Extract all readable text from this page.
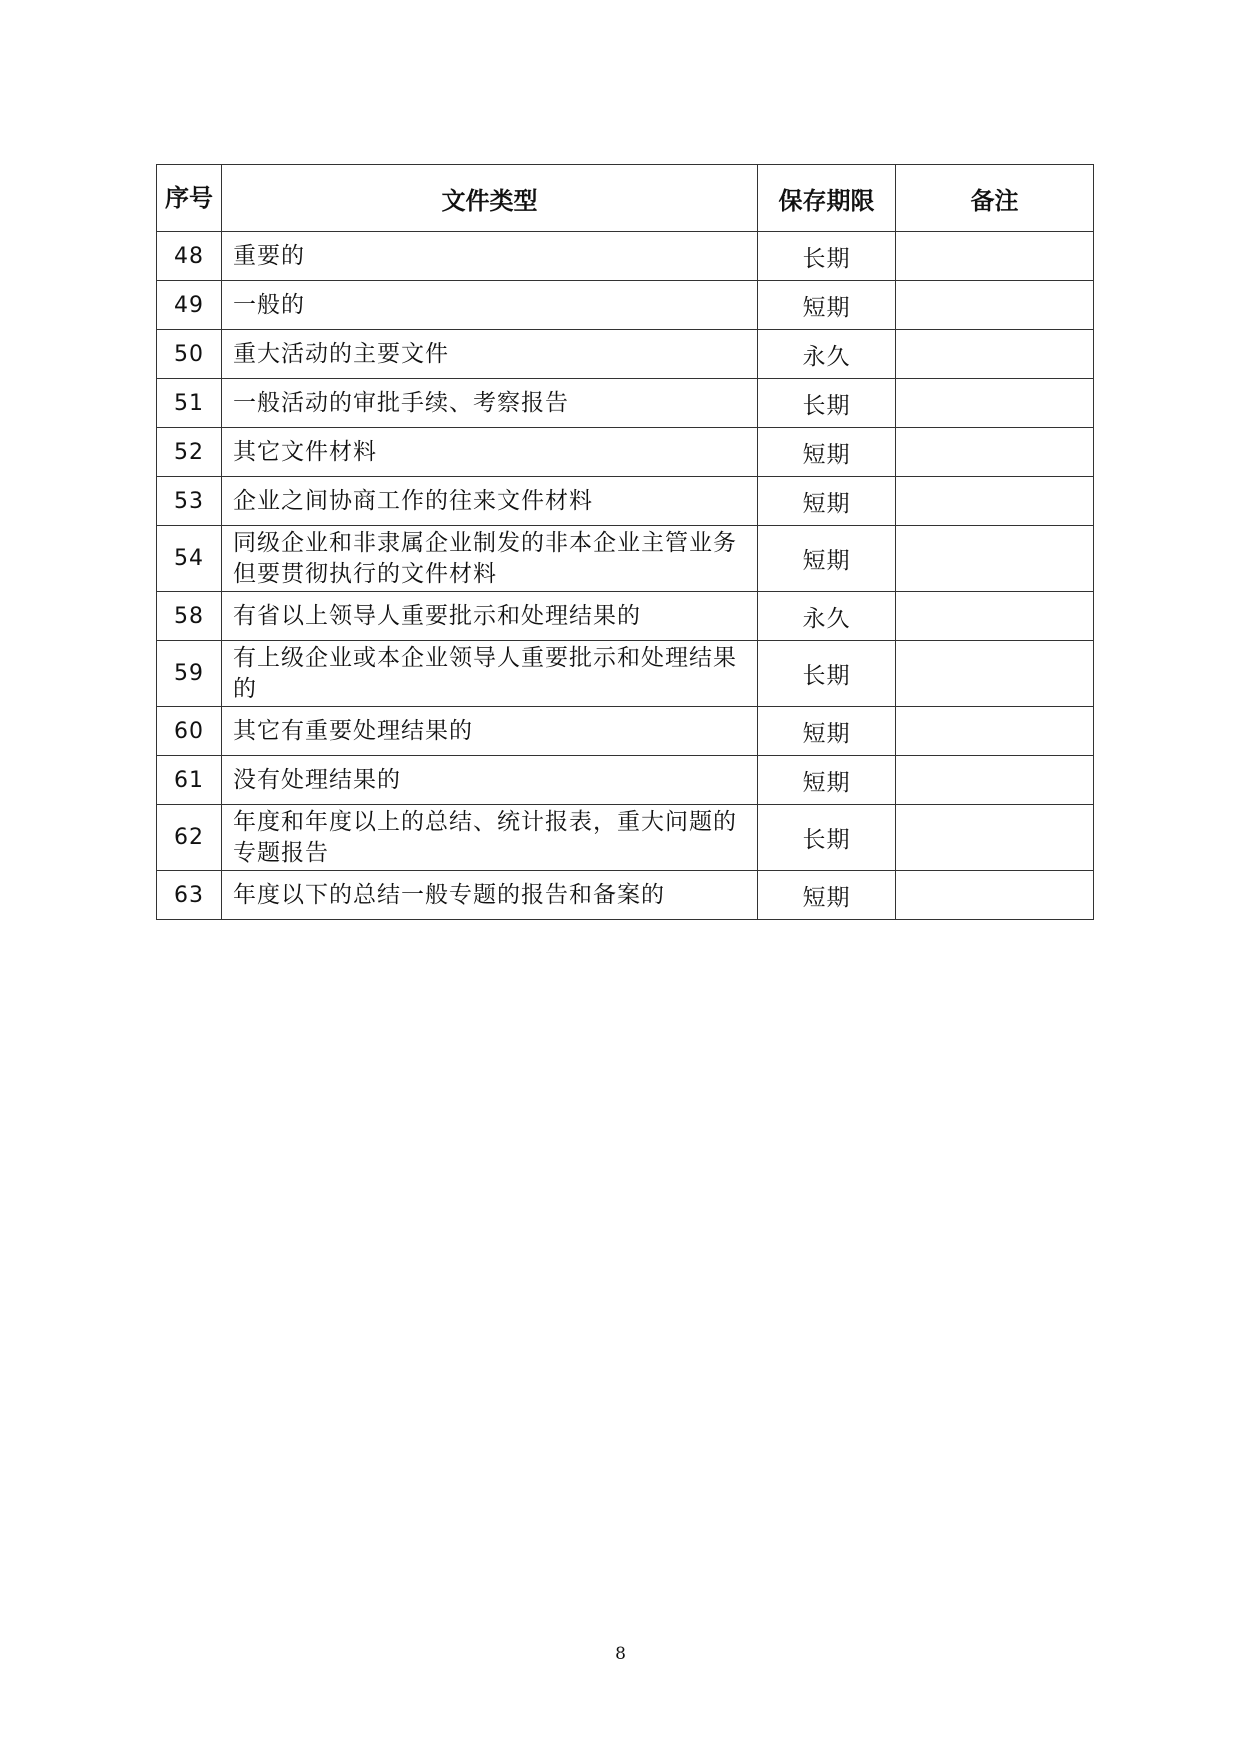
序号	文件类型	保存期限	备注
48	重要的	长期	
49	一般的	短期	
50	重大活动的主要文件	永久	
51	一般活动的审批手续、考察报告	长期	
52	其它文件材料	短期	
53	企业之间协商工作的往来文件材料	短期	
54	同级企业和非隶属企业制发的非本企业主管业务但要贯彻执行的文件材料	短期	
58	有省以上领导人重要批示和处理结果的	永久	
59	有上级企业或本企业领导人重要批示和处理结果的	长期	
60	其它有重要处理结果的	短期	
61	没有处理结果的	短期	
62	年度和年度以上的总结、统计报表，重大问题的专题报告	长期	
63	年度以下的总结一般专题的报告和备案的	短期	
8
